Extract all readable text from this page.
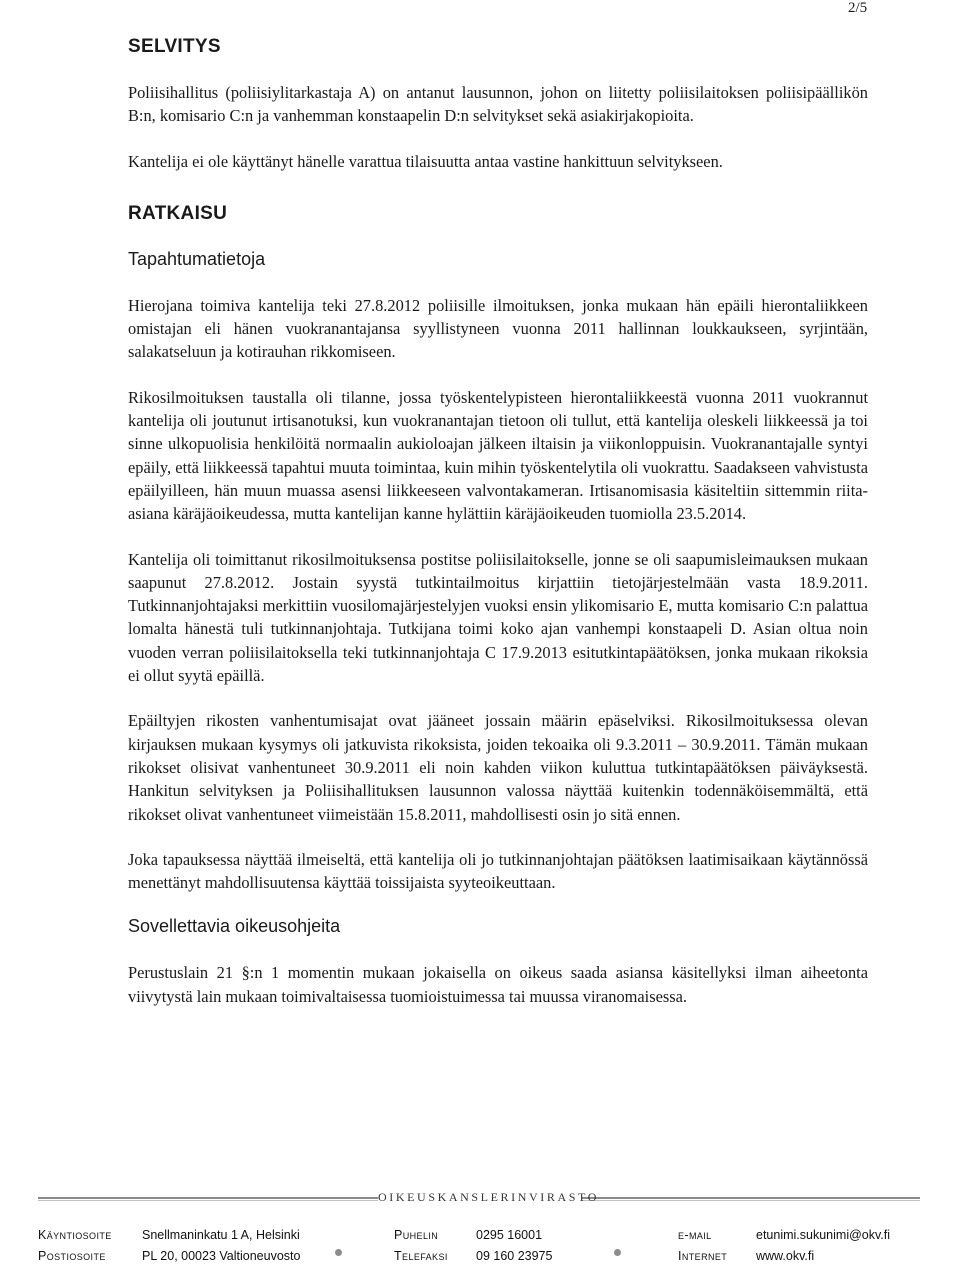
2/5
SELVITYS

Poliisihallitus (poliisiylitarkastaja A) on antanut lausunnon, johon on liitetty poliisilaitoksen poliisipäällikön B:n, komisario C:n ja vanhemman konstaapelin D:n selvitykset sekä asiakirjakopioita.

Kantelija ei ole käyttänyt hänelle varattua tilaisuutta antaa vastine hankittuun selvitykseen.

RATKAISU
Tapahtumatietoja

Hierojana toimiva kantelija teki 27.8.2012 poliisille ilmoituksen, jonka mukaan hän epäili hierontaliikkeen omistajan eli hänen vuokranantajansa syyllistyneen vuonna 2011 hallinnan loukkaukseen, syrjintään, salakatseluun ja kotirauhan rikkomiseen.

Rikosilmoituksen taustalla oli tilanne, jossa työskentelypisteen hierontaliikkeestä vuonna 2011 vuokrannut kantelija oli joutunut irtisanotuksi, kun vuokranantajan tietoon oli tullut, että kantelija oleskeli liikkeessä ja toi sinne ulkopuolisia henkilöitä normaalin aukioloajan jälkeen iltaisin ja viikonloppuisin. Vuokranantajalle syntyi epäily, että liikkeessä tapahtui muuta toimintaa, kuin mihin työskentelytila oli vuokrattu. Saadakseen vahvistusta epäilyilleen, hän muun muassa asensi liikkeeseen valvontakameran. Irtisanomisasia käsiteltiin sittemmin riita-asiana käräjäoikeudessa, mutta kantelijan kanne hylättiin käräjäoikeuden tuomiolla 23.5.2014.

Kantelija oli toimittanut rikosilmoituksensa postitse poliisilaitokselle, jonne se oli saapumisleimauksen mukaan saapunut 27.8.2012. Jostain syystä tutkintailmoitus kirjattiin tietojärjestelmään vasta 18.9.2011. Tutkinnanjohtajaksi merkittiin vuosilomajärjestelyjen vuoksi ensin ylikomisario E, mutta komisario C:n palattua lomalta hänestä tuli tutkinnanjohtaja. Tutkijana toimi koko ajan vanhempi konstaapeli D. Asian oltua noin vuoden verran poliisilaitoksella teki tutkinnanjohtaja C 17.9.2013 esitutkintapäätöksen, jonka mukaan rikoksia ei ollut syytä epäillä.

Epäiltyjen rikosten vanhentumisajat ovat jääneet jossain määrin epäselviksi. Rikosilmoituksessa olevan kirjauksen mukaan kysymys oli jatkuvista rikoksista, joiden tekoaika oli 9.3.2011 – 30.9.2011. Tämän mukaan rikokset olisivat vanhentuneet 30.9.2011 eli noin kahden viikon kuluttua tutkintapäätöksen päiväyksestä. Hankitun selvityksen ja Poliisihallituksen lausunnon valossa näyttää kuitenkin todennäköisemmältä, että rikokset olivat vanhentuneet viimeistään 15.8.2011, mahdollisesti osin jo sitä ennen.

Joka tapauksessa näyttää ilmeiseltä, että kantelija oli jo tutkinnanjohtajan päätöksen laatimisaikaan käytännössä menettänyt mahdollisuutensa käyttää toissijaista syyteoikeuttaan.

Sovellettavia oikeusohjeita

Perustuslain 21 §:n 1 momentin mukaan jokaisella on oikeus saada asiansa käsitellyksi ilman aiheetonta viivytystä lain mukaan toimivaltaisessa tuomioistuimessa tai muussa viranomaisessa.

OIKEUSKANSLERINVIRASTO
Käyntiosoite Snellmaninkatu 1 A, Helsinki	Puhelin	0295 16001	e-mail	etunimi.sukunimi@okv.fi
Postiosoite	PL 20, 00023 Valtioneuvosto	Telefaksi 09 160 23975	Internet www.okv.fi
